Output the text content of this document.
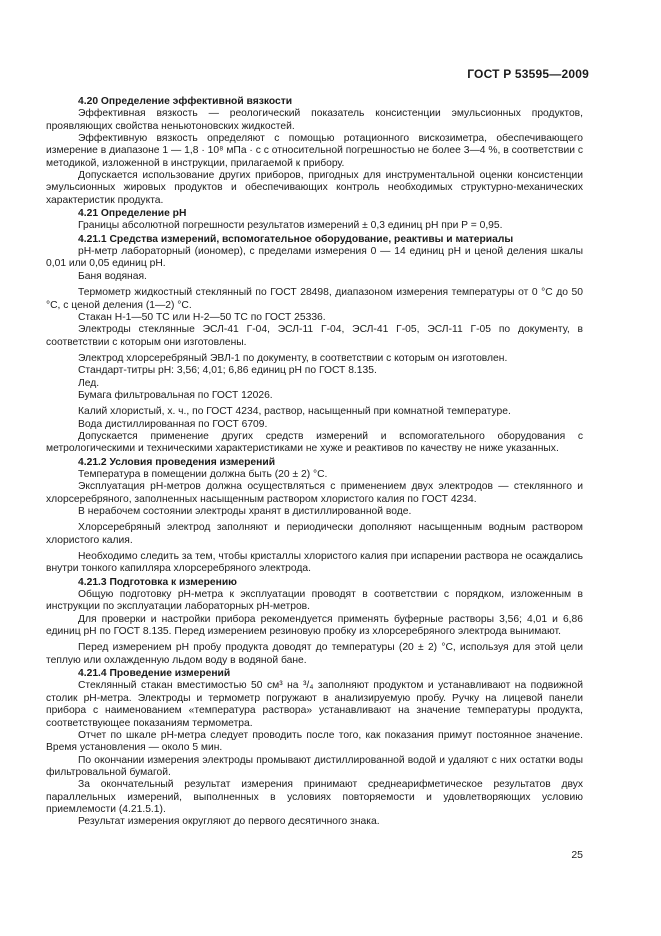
ГОСТ Р 53595—2009

4.20 Определение эффективной вязкости

Эффективная вязкость — реологический показатель консистенции эмульсионных продуктов, проявляющих свойства неньютоновских жидкостей.

Эффективную вязкость определяют с помощью ротационного вискозиметра, обеспечивающего измерение в диапазоне 1 — 1,8 · 10⁸ мПа · с с относительной погрешностью не более 3—4 %, в соответствии с методикой, изложенной в инструкции, прилагаемой к прибору.

Допускается использование других приборов, пригодных для инструментальной оценки консистенции эмульсионных жировых продуктов и обеспечивающих контроль необходимых структурно-механических характеристик продукта.

4.21 Определение pH

Границы абсолютной погрешности результатов измерений ± 0,3 единиц pH при P = 0,95.

4.21.1 Средства измерений, вспомогательное оборудование, реактивы и материалы

pH-метр лабораторный (иономер), с пределами измерения 0 — 14 единиц pH и ценой деления шкалы 0,01 или 0,05 единиц pH.

Баня водяная.

Термометр жидкостный стеклянный по ГОСТ 28498, диапазоном измерения температуры от 0 °С до 50 °С, с ценой деления (1—2) °С.

Стакан Н-1—50 ТС или Н-2—50 ТС по ГОСТ 25336.

Электроды стеклянные ЭСЛ-41 Г-04, ЭСЛ-11 Г-04, ЭСЛ-41 Г-05, ЭСЛ-11 Г-05 по документу, в соответствии с которым они изготовлены.

Электрод хлорсеребряный ЭВЛ-1 по документу, в соответствии с которым он изготовлен.

Стандарт-титры pH: 3,56; 4,01; 6,86 единиц pH по ГОСТ 8.135.

Лед.

Бумага фильтровальная по ГОСТ 12026.

Калий хлористый, х. ч., по ГОСТ 4234, раствор, насыщенный при комнатной температуре.

Вода дистиллированная по ГОСТ 6709.

Допускается применение других средств измерений и вспомогательного оборудования с метрологическими и техническими характеристиками не хуже и реактивов по качеству не ниже указанных.

4.21.2 Условия проведения измерений

Температура в помещении должна быть (20 ± 2) °С.

Эксплуатация pH-метров должна осуществляться с применением двух электродов — стеклянного и хлорсеребряного, заполненных насыщенным раствором хлористого калия по ГОСТ 4234.

В нерабочем состоянии электроды хранят в дистиллированной воде.

Хлорсеребряный электрод заполняют и периодически дополняют насыщенным водным раствором хлористого калия.

Необходимо следить за тем, чтобы кристаллы хлористого калия при испарении раствора не осаждались внутри тонкого капилляра хлорсеребряного электрода.

4.21.3 Подготовка к измерению

Общую подготовку pH-метра к эксплуатации проводят в соответствии с порядком, изложенным в инструкции по эксплуатации лабораторных pH-метров.

Для проверки и настройки прибора рекомендуется применять буферные растворы 3,56; 4,01 и 6,86 единиц pH по ГОСТ 8.135. Перед измерением резиновую пробку из хлорсеребряного электрода вынимают.

Перед измерением pH пробу продукта доводят до температуры (20 ± 2) °С, используя для этой цели теплую или охлажденную льдом воду в водяной бане.

4.21.4 Проведение измерений

Стеклянный стакан вместимостью 50 см³ на ³/₄ заполняют продуктом и устанавливают на подвижной столик pH-метра. Электроды и термометр погружают в анализируемую пробу. Ручку на лицевой панели прибора с наименованием «температура раствора» устанавливают на значение температуры продукта, соответствующее показаниям термометра.

Отчет по шкале pH-метра следует проводить после того, как показания примут постоянное значение. Время установления — около 5 мин.

По окончании измерения электроды промывают дистиллированной водой и удаляют с них остатки воды фильтровальной бумагой.

За окончательный результат измерения принимают среднеарифметическое результатов двух параллельных измерений, выполненных в условиях повторяемости и удовлетворяющих условию приемлемости (4.21.5.1).

Результат измерения округляют до первого десятичного знака.

25
